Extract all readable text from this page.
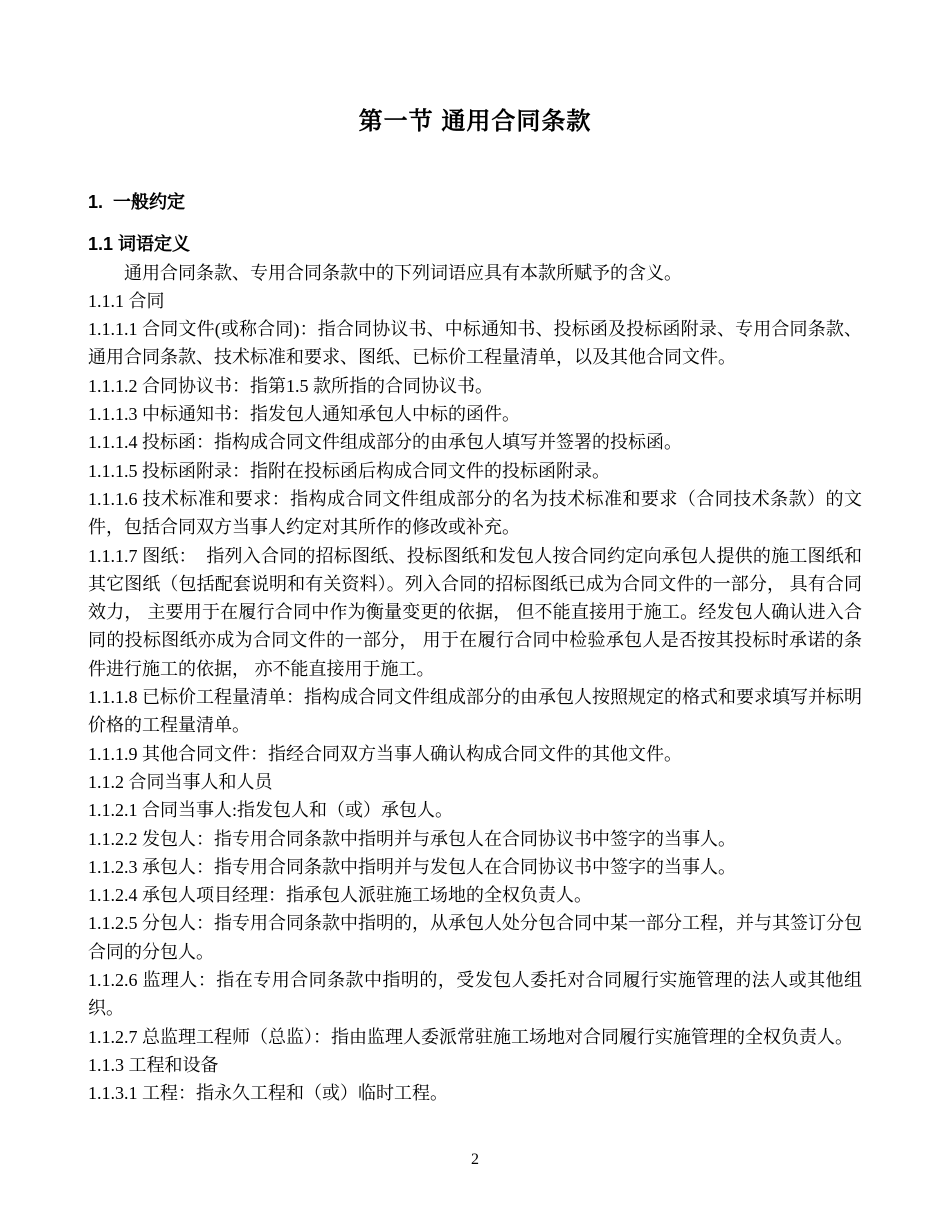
第一节 通用合同条款

1.  一般约定

1.1 词语定义

通用合同条款、专用合同条款中的下列词语应具有本款所赋予的含义。

1.1.1 合同

1.1.1.1 合同文件(或称合同)：指合同协议书、中标通知书、投标函及投标函附录、专用合同条款、通用合同条款、技术标准和要求、图纸、已标价工程量清单，以及其他合同文件。

1.1.1.2 合同协议书：指第1.5 款所指的合同协议书。

1.1.1.3 中标通知书：指发包人通知承包人中标的函件。

1.1.1.4 投标函：指构成合同文件组成部分的由承包人填写并签署的投标函。

1.1.1.5 投标函附录：指附在投标函后构成合同文件的投标函附录。

1.1.1.6 技术标准和要求：指构成合同文件组成部分的名为技术标准和要求（合同技术条款）的文件，包括合同双方当事人约定对其所作的修改或补充。

1.1.1.7 图纸：  指列入合同的招标图纸、投标图纸和发包人按合同约定向承包人提供的施工图纸和其它图纸（包括配套说明和有关资料）。列入合同的招标图纸已成为合同文件的一部分， 具有合同效力， 主要用于在履行合同中作为衡量变更的依据， 但不能直接用于施工。经发包人确认进入合同的投标图纸亦成为合同文件的一部分， 用于在履行合同中检验承包人是否按其投标时承诺的条件进行施工的依据， 亦不能直接用于施工。

1.1.1.8 已标价工程量清单：指构成合同文件组成部分的由承包人按照规定的格式和要求填写并标明价格的工程量清单。

1.1.1.9 其他合同文件：指经合同双方当事人确认构成合同文件的其他文件。

1.1.2 合同当事人和人员

1.1.2.1 合同当事人:指发包人和（或）承包人。

1.1.2.2 发包人：指专用合同条款中指明并与承包人在合同协议书中签字的当事人。

1.1.2.3 承包人：指专用合同条款中指明并与发包人在合同协议书中签字的当事人。

1.1.2.4 承包人项目经理：指承包人派驻施工场地的全权负责人。

1.1.2.5 分包人：指专用合同条款中指明的，从承包人处分包合同中某一部分工程，并与其签订分包合同的分包人。

1.1.2.6 监理人：指在专用合同条款中指明的，受发包人委托对合同履行实施管理的法人或其他组织。

1.1.2.7 总监理工程师（总监）：指由监理人委派常驻施工场地对合同履行实施管理的全权负责人。

1.1.3 工程和设备

1.1.3.1 工程：指永久工程和（或）临时工程。

2
